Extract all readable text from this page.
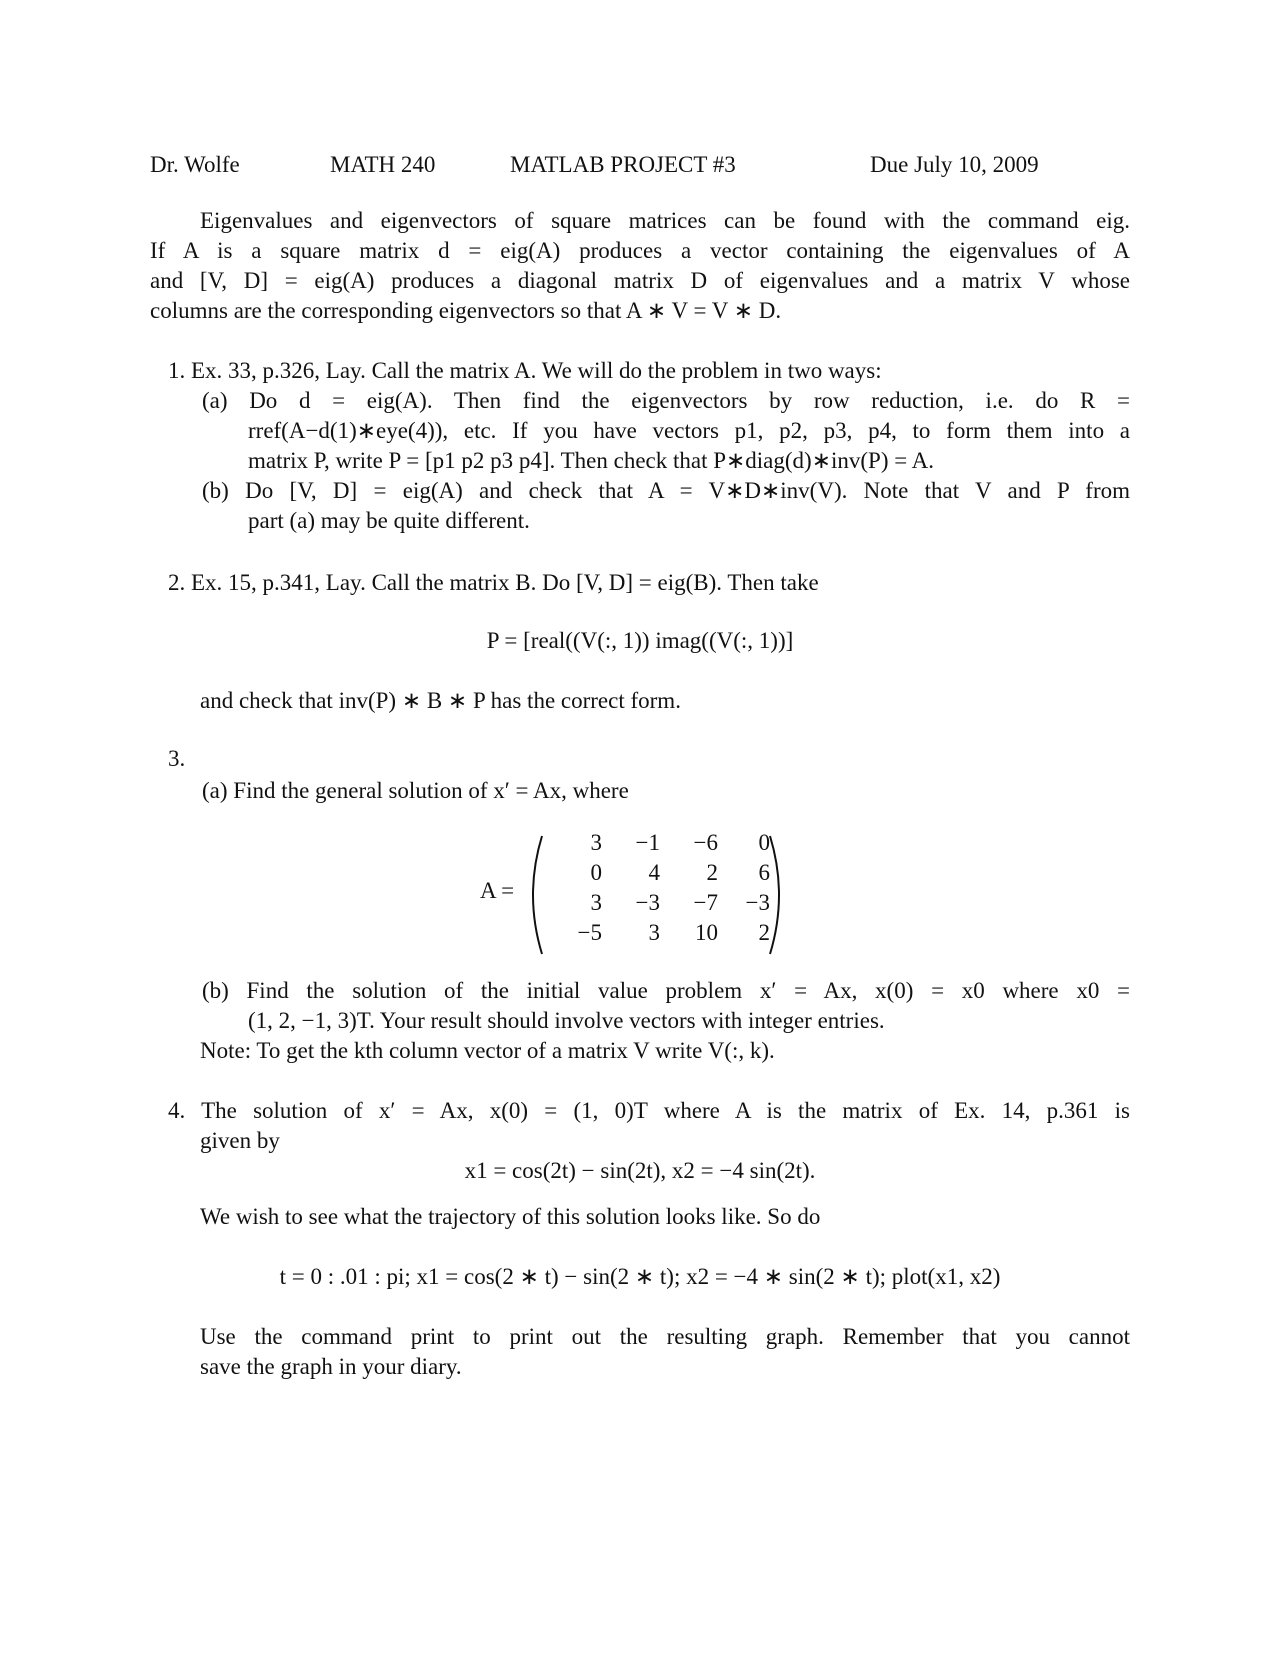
Dr. Wolfe	MATH 240	MATLAB PROJECT #3	Due July 10, 2009
Eigenvalues and eigenvectors of square matrices can be found with the command eig.
If A is a square matrix d = eig(A) produces a vector containing the eigenvalues of A
and [V, D] = eig(A) produces a diagonal matrix D of eigenvalues and a matrix V whose
columns are the corresponding eigenvectors so that A ∗ V = V ∗ D.
1. Ex. 33, p.326, Lay. Call the matrix A. We will do the problem in two ways:
(a) Do d = eig(A). Then find the eigenvectors by row reduction, i.e. do R =
rref(A−d(1)∗eye(4)), etc. If you have vectors p1, p2, p3, p4, to form them into a
matrix P, write P = [p1 p2 p3 p4]. Then check that P∗diag(d)∗inv(P) = A.
(b) Do [V, D] = eig(A) and check that A = V∗D∗inv(V). Note that V and P from
part (a) may be quite different.
2. Ex. 15, p.341, Lay. Call the matrix B. Do [V, D] = eig(B). Then take
P = [real((V(:, 1)) imag((V(:, 1))]
and check that inv(P) ∗ B ∗ P has the correct form.
3.
(a) Find the general solution of x′ = Ax, where
A =
3	−1	−6	0
0	4	2	6
3	−3	−7	−3
−5	3	10	2
(b) Find the solution of the initial value problem x′ = Ax, x(0) = x0 where x0 =
(1, 2, −1, 3)T. Your result should involve vectors with integer entries.
Note: To get the kth column vector of a matrix V write V(:, k).
4. The solution of x′ = Ax, x(0) = (1, 0)T where A is the matrix of Ex. 14, p.361 is
given by
x1 = cos(2t) − sin(2t), x2 = −4 sin(2t).
We wish to see what the trajectory of this solution looks like. So do
t = 0 : .01 : pi; x1 = cos(2 ∗ t) − sin(2 ∗ t); x2 = −4 ∗ sin(2 ∗ t); plot(x1, x2)
Use the command print to print out the resulting graph. Remember that you cannot
save the graph in your diary.
